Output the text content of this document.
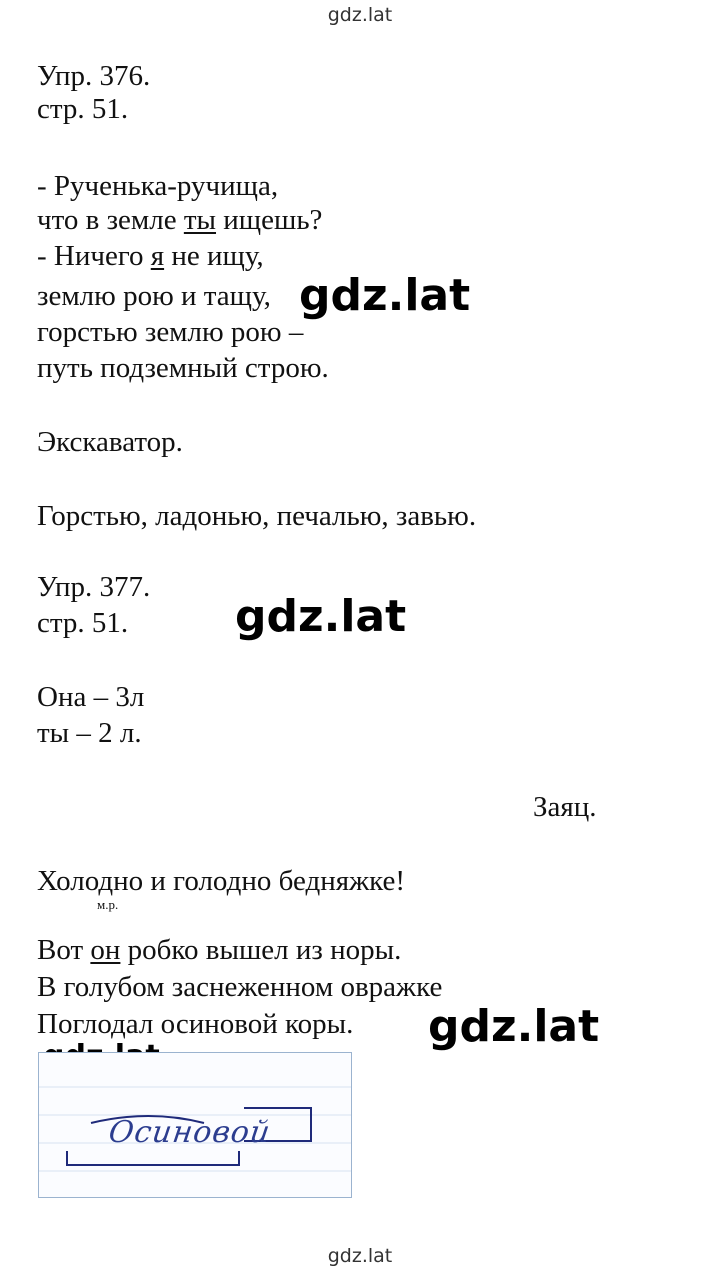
gdz.lat
Упр. 376.
стр. 51.
- Рученька-ручища,
что в земле ты ищешь?
- Ничего я не ищу,
землю рою и тащу,
горстью землю рою –
путь подземный строю.
Экскаватор.
Горстью, ладонью, печалью, завью.
Упр. 377.
стр. 51.
Она – 3л
ты – 2 л.
Заяц.
Холодно и голодно бедняжке!
м.р.
Вот он робко вышел из норы.
В голубом заснеженном овражке
Поглодал осиновой коры.
gdz.lat
gdz.lat
gdz.lat
Осиновой
gdz.lat
